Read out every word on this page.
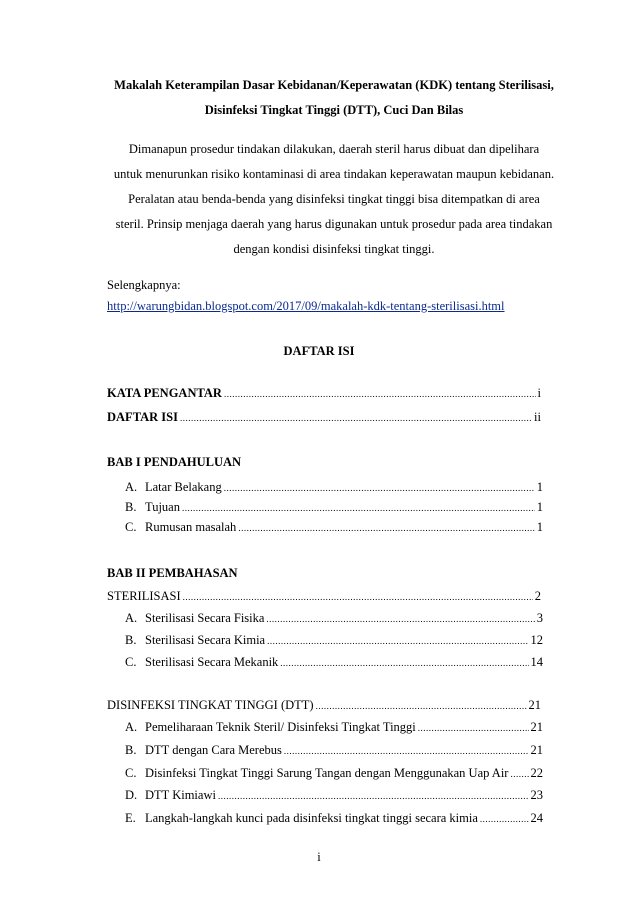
Makalah Keterampilan Dasar Kebidanan/Keperawatan (KDK) tentang Sterilisasi,
Disinfeksi Tingkat Tinggi (DTT), Cuci Dan Bilas
Dimanapun prosedur tindakan dilakukan, daerah steril harus dibuat dan dipelihara
untuk menurunkan risiko kontaminasi di area tindakan keperawatan maupun kebidanan.
Peralatan atau benda-benda yang disinfeksi tingkat tinggi bisa ditempatkan di area
steril. Prinsip menjaga daerah yang harus digunakan untuk prosedur pada area tindakan
dengan kondisi disinfeksi tingkat tinggi.
Selengkapnya:
http://warungbidan.blogspot.com/2017/09/makalah-kdk-tentang-sterilisasi.html
DAFTAR ISI
KATA PENGANTAR .....	i
DAFTAR ISI .....	ii
BAB I PENDAHULUAN
A. Latar Belakang .....	1
B. Tujuan .....	1
C. Rumusan masalah .....	1
BAB II PEMBAHASAN
STERILISASI .....	2
A. Sterilisasi Secara Fisika .....	3
B. Sterilisasi Secara Kimia .....	12
C. Sterilisasi Secara Mekanik .....	14
DISINFEKSI TINGKAT TINGGI (DTT) .....	21
A. Pemeliharaan Teknik Steril/ Disinfeksi Tingkat Tinggi .....	21
B. DTT dengan Cara Merebus .....	21
C. Disinfeksi Tingkat Tinggi Sarung Tangan dengan Menggunakan Uap Air ..... 22
D. DTT Kimiawi .....	23
E. Langkah-langkah kunci pada disinfeksi tingkat tinggi secara kimia .....	24
i
